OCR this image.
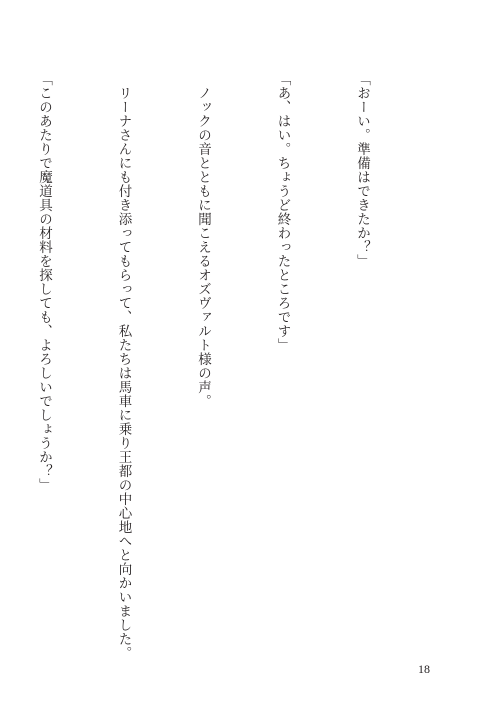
「おーい。準備はできたか？」

「あ、はい。ちょうど終わったところです」

　ノックの音とともに聞こえるオズヴァルト様の声。

　リーナさんにも付き添ってもらって、私たちは馬車に乗り王都の中心地へと向かいました。

「このあたりで魔道具の材料を探しても、よろしいでしょうか？」

18
